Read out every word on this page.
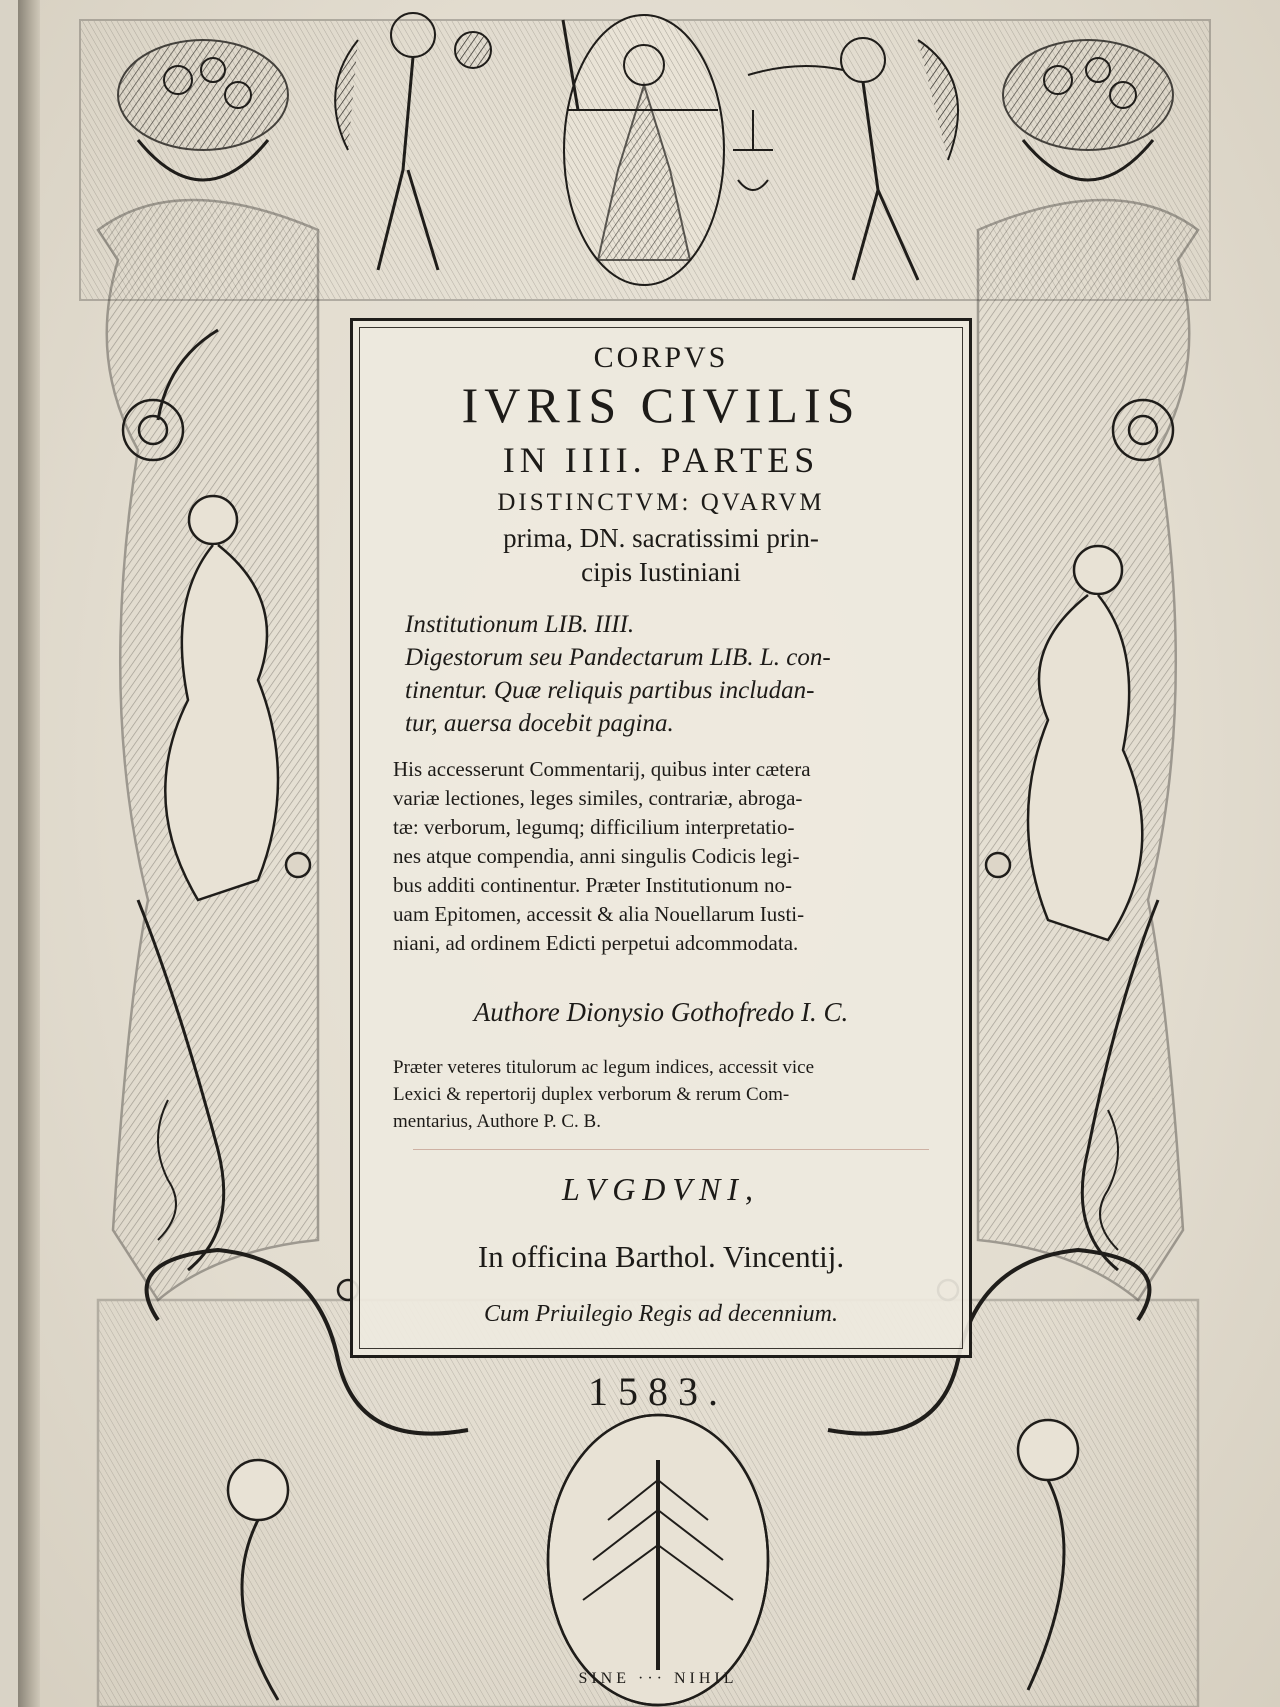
CORPVS
IVRIS CIVILIS
IN IIII. PARTES
DISTINCTVM: QVARVM
prima, DN. sacratissimi prin-
cipis Iustiniani
Institutionum LIB. IIII.
Digestorum seu Pandectarum LIB. L. con-
tinentur. Quæ reliquis partibus includan-
tur, auersa docebit pagina.
His accesserunt Commentarij, quibus inter cætera
variæ lectiones, leges similes, contrariæ, abroga-
tæ: verborum, legumq; difficilium interpretatio-
nes atque compendia, anni singulis Codicis legi-
bus additi continentur. Præter Institutionum no-
uam Epitomen, accessit & alia Nouellarum Iusti-
niani, ad ordinem Edicti perpetui adcommodata.
Authore Dionysio Gothofredo I. C.
Præter veteres titulorum ac legum indices, accessit vice
Lexici & repertorij duplex verborum & rerum Com-
mentarius, Authore P. C. B.
LVGDVNI,
In officina Barthol. Vincentij.
Cum Priuilegio Regis ad decennium.
1583.
SINE ··· NIHIL
